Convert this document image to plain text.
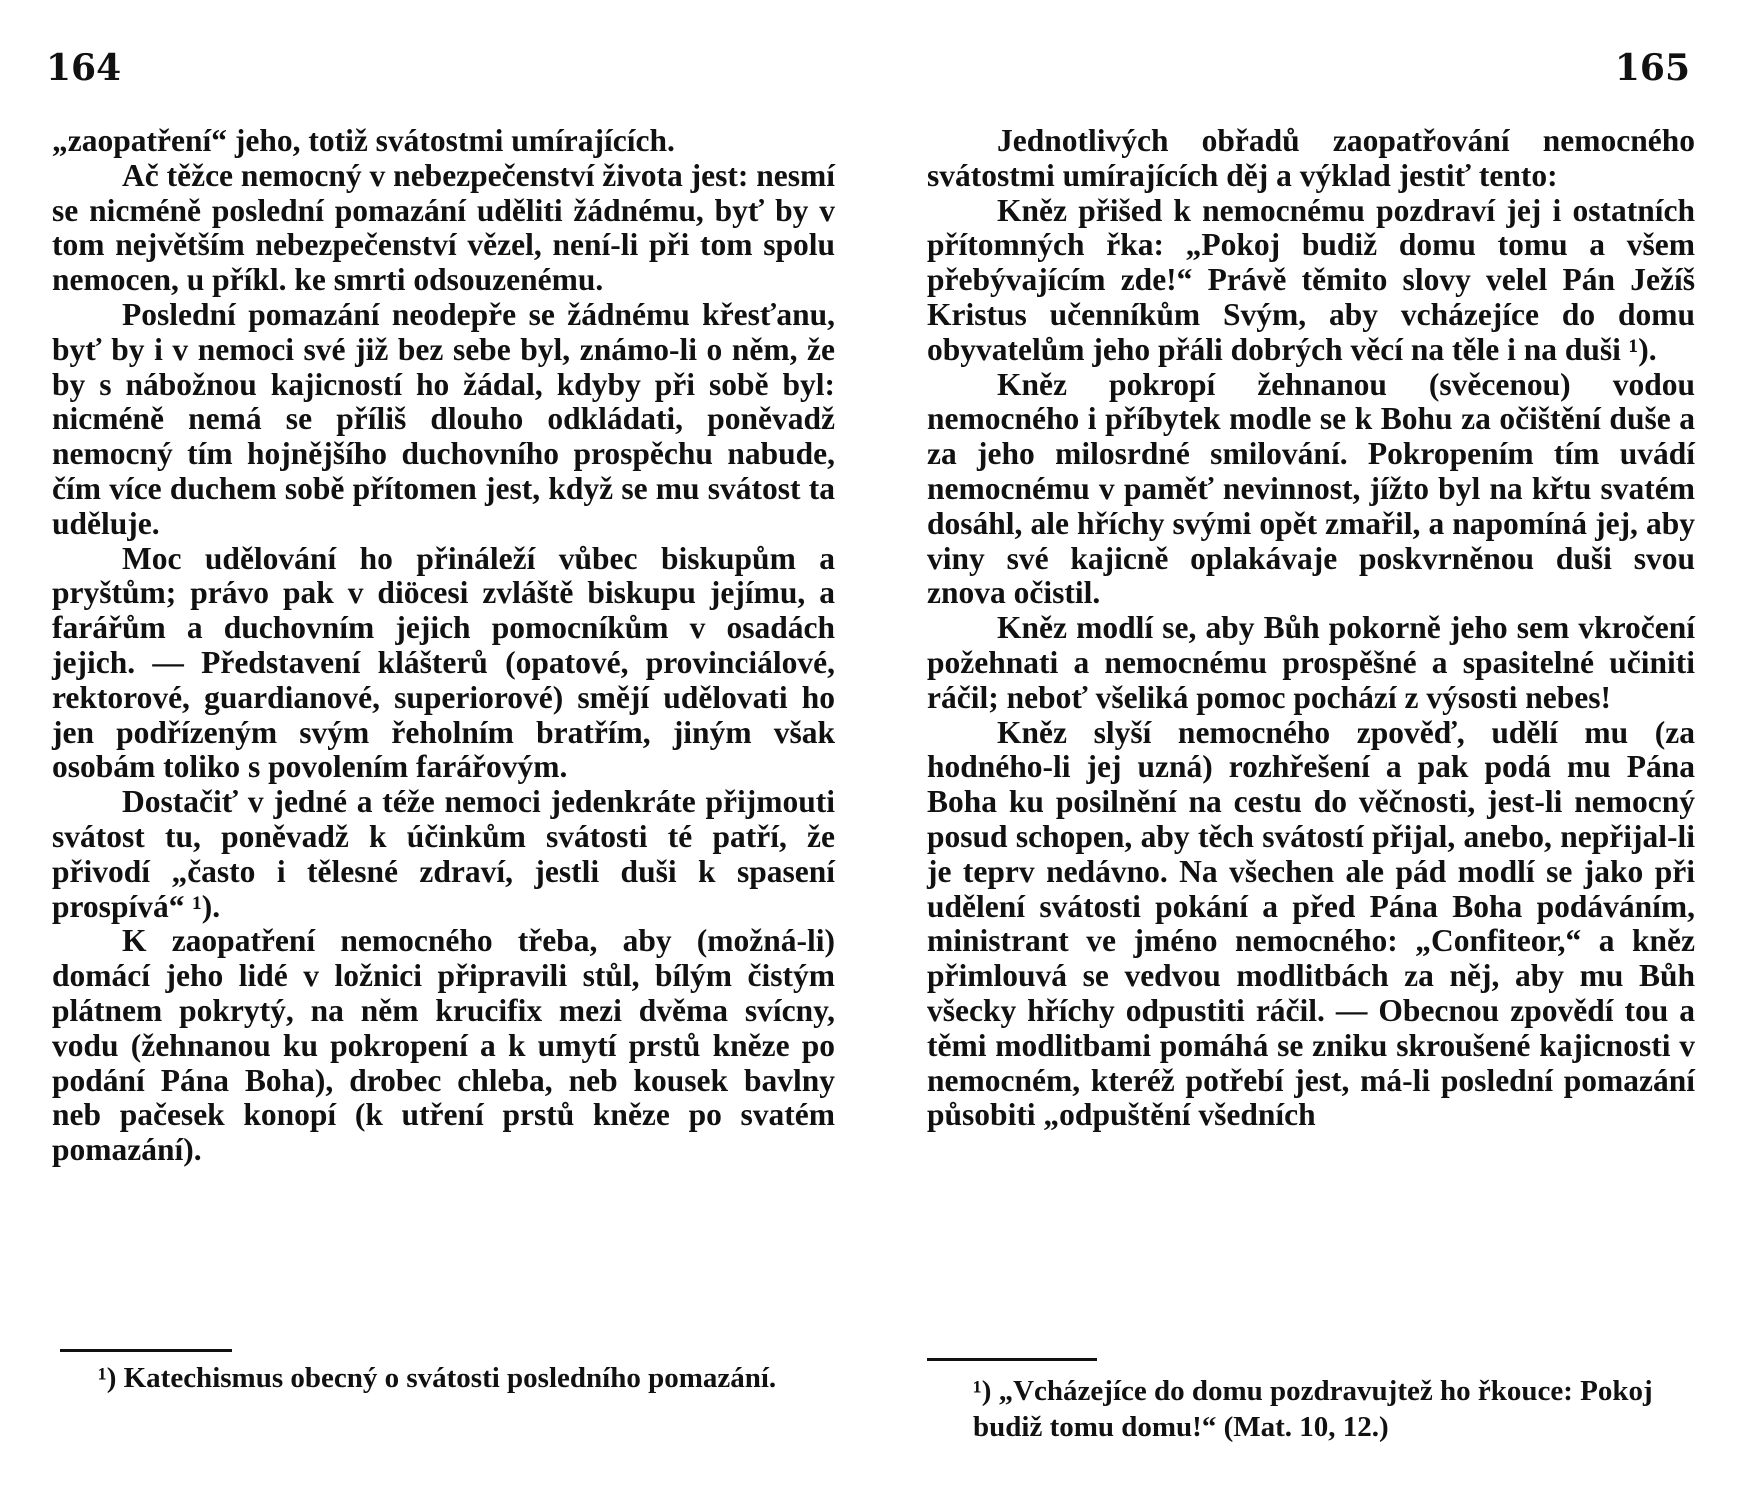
164

„zaopatření“ jeho, totiž svátostmi umírajících.

Ač těžce nemocný v nebezpečenství života jest: nesmí se nicméně poslední pomazání uděliti žádnému, byť by v tom největším nebezpečenství vězel, není-li při tom spolu nemocen, u příkl. ke smrti odsouzenému.

Poslední pomazání neodepře se žádnému křesťanu, byť by i v nemoci své již bez sebe byl, známo-li o něm, že by s nábožnou kajicností ho žádal, kdyby při sobě byl: nicméně nemá se příliš dlouho odkládati, poněvadž nemocný tím hojnějšího duchovního prospěchu nabude, čím více duchem sobě přítomen jest, když se mu svátost ta uděluje.

Moc udělování ho přináleží vůbec biskupům a pryštům; právo pak v diöcesi zvláště biskupu jejímu, a farářům a duchovním jejich pomocníkům v osadách jejich. — Představení klášterů (opatové, provinciálové, rektorové, guardianové, superiorové) smějí udělovati ho jen podřízeným svým řeholním bratřím, jiným však osobám toliko s povolením farářovým.

Dostačiť v jedné a téže nemoci jedenkráte přijmouti svátost tu, poněvadž k účinkům svátosti té patří, že přivodí „často i tělesné zdraví, jestli duši k spasení prospívá“ ¹).

K zaopatření nemocného třeba, aby (možná-li) domácí jeho lidé v ložnici připravili stůl, bílým čistým plátnem pokrytý, na něm krucifix mezi dvěma svícny, vodu (žehnanou ku pokropení a k umytí prstů kněze po podání Pána Boha), drobec chleba, neb kousek bavlny neb pačesek konopí (k utření prstů kněze po svatém pomazání).

¹) Katechismus obecný o svátosti posledního pomazání.
165

Jednotlivých obřadů zaopatřování nemocného svátostmi umírajících děj a výklad jestiť tento:

Kněz přišed k nemocnému pozdraví jej i ostatních přítomných řka: „Pokoj budiž domu tomu a všem přebývajícím zde!“ Právě těmito slovy velel Pán Ježíš Kristus učenníkům Svým, aby vcházejíce do domu obyvatelům jeho přáli dobrých věcí na těle i na duši ¹).

Kněz pokropí žehnanou (svěcenou) vodou nemocného i příbytek modle se k Bohu za očištění duše a za jeho milosrdné smilování. Pokropením tím uvádí nemocnému v paměť nevinnost, jížto byl na křtu svatém dosáhl, ale hříchy svými opět zmařil, a napomíná jej, aby viny své kajicně oplakávaje poskvrněnou duši svou znova očistil.

Kněz modlí se, aby Bůh pokorně jeho sem vkročení požehnati a nemocnému prospěšné a spasitelné učiniti ráčil; neboť všeliká pomoc pochází z výsosti nebes!

Kněz slyší nemocného zpověď, udělí mu (za hodného-li jej uzná) rozhřešení a pak podá mu Pána Boha ku posilnění na cestu do věčnosti, jest-li nemocný posud schopen, aby těch svátostí přijal, anebo, nepřijal-li je teprv nedávno. Na všechen ale pád modlí se jako při udělení svátosti pokání a před Pána Boha podáváním, ministrant ve jméno nemocného: „Confiteor,“ a kněz přimlouvá se vedvou modlitbách za něj, aby mu Bůh všecky hříchy odpustiti ráčil. — Obecnou zpovědí tou a těmi modlitbami pomáhá se zniku skroušené kajicnosti v nemocném, kteréž potřebí jest, má-li poslední pomazání působiti „odpuštění všedních

¹) „Vcházejíce do domu pozdravujtež ho řkouce: Pokoj budiž tomu domu!“ (Mat. 10, 12.)
